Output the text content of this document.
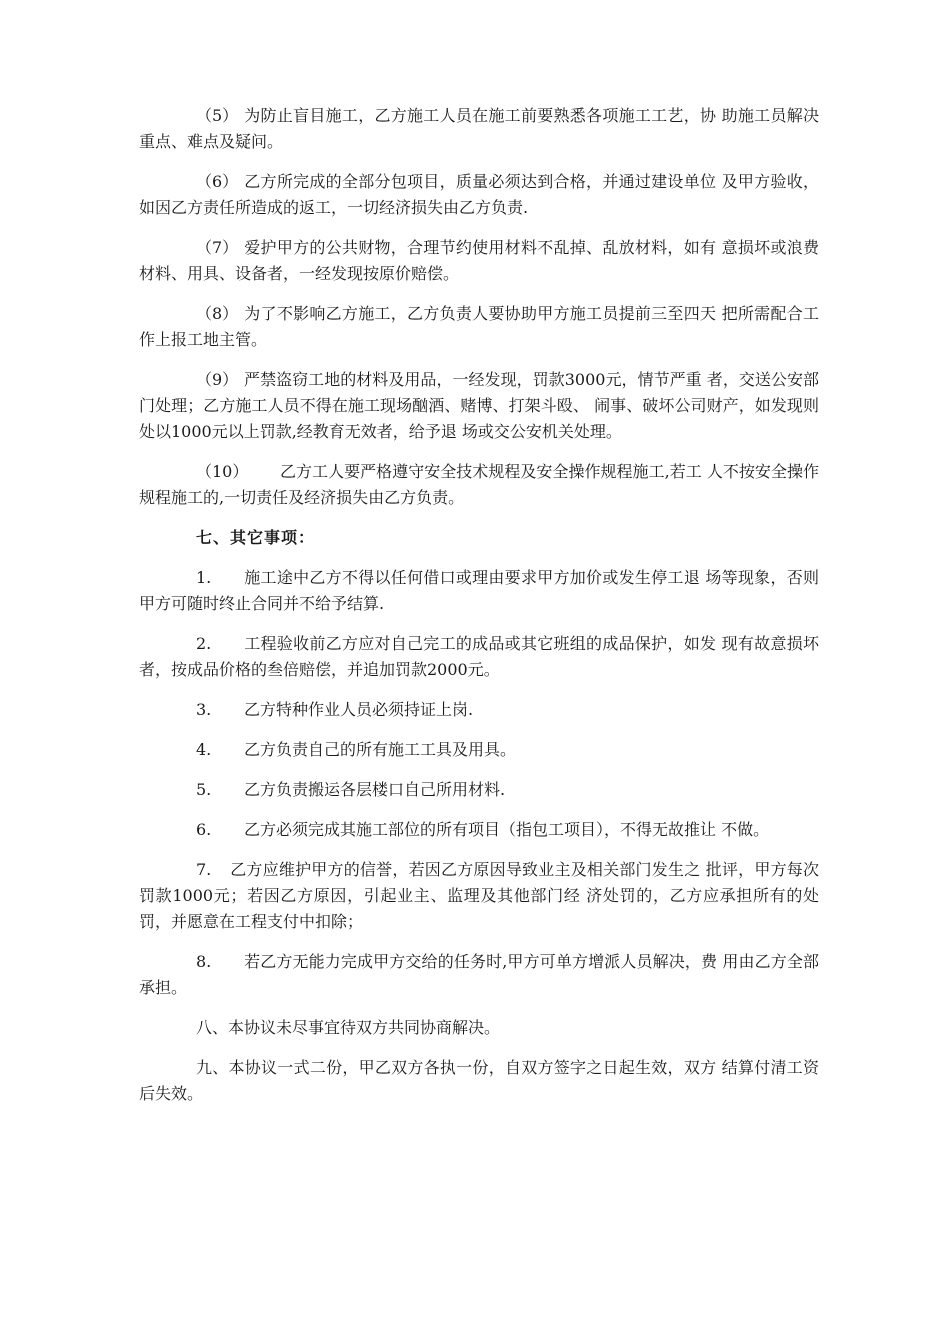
（5） 为防止盲目施工，乙方施工人员在施工前要熟悉各项施工工艺，协 助施工员解决重点、难点及疑问。

（6） 乙方所完成的全部分包项目，质量必须达到合格，并通过建设单位 及甲方验收，如因乙方责任所造成的返工，一切经济损失由乙方负责.

（7） 爱护甲方的公共财物，合理节约使用材料不乱掉、乱放材料，如有 意损坏或浪费材料、用具、设备者，一经发现按原价赔偿。

（8） 为了不影响乙方施工，乙方负责人要协助甲方施工员提前三至四天 把所需配合工作上报工地主管。

（9） 严禁盗窃工地的材料及用品，一经发现，罚款3000元，情节严重 者，交送公安部门处理；乙方施工人员不得在施工现场酗酒、赌博、打架斗殴、 闹事、破坏公司财产，如发现则处以1000元以上罚款,经教育无效者，给予退 场或交公安机关处理。

（10） 乙方工人要严格遵守安全技术规程及安全操作规程施工,若工 人不按安全操作规程施工的,一切责任及经济损失由乙方负责。

七、其它事项：

1. 施工途中乙方不得以任何借口或理由要求甲方加价或发生停工退 场等现象，否则甲方可随时终止合同并不给予结算.

2. 工程验收前乙方应对自己完工的成品或其它班组的成品保护，如发 现有故意损坏者，按成品价格的叁倍赔偿，并追加罚款2000元。

3. 乙方特种作业人员必须持证上岗.

4. 乙方负责自己的所有施工工具及用具。

5. 乙方负责搬运各层楼口自己所用材料.

6. 乙方必须完成其施工部位的所有项目（指包工项目），不得无故推让 不做。

7. 乙方应维护甲方的信誉，若因乙方原因导致业主及相关部门发生之 批评，甲方每次罚款1000元；若因乙方原因，引起业主、监理及其他部门经 济处罚的，乙方应承担所有的处罚，并愿意在工程支付中扣除；

8. 若乙方无能力完成甲方交给的任务时,甲方可单方增派人员解决，费 用由乙方全部承担。

八、本协议未尽事宜待双方共同协商解决。

九、本协议一式二份，甲乙双方各执一份，自双方签字之日起生效，双方 结算付清工资后失效。
